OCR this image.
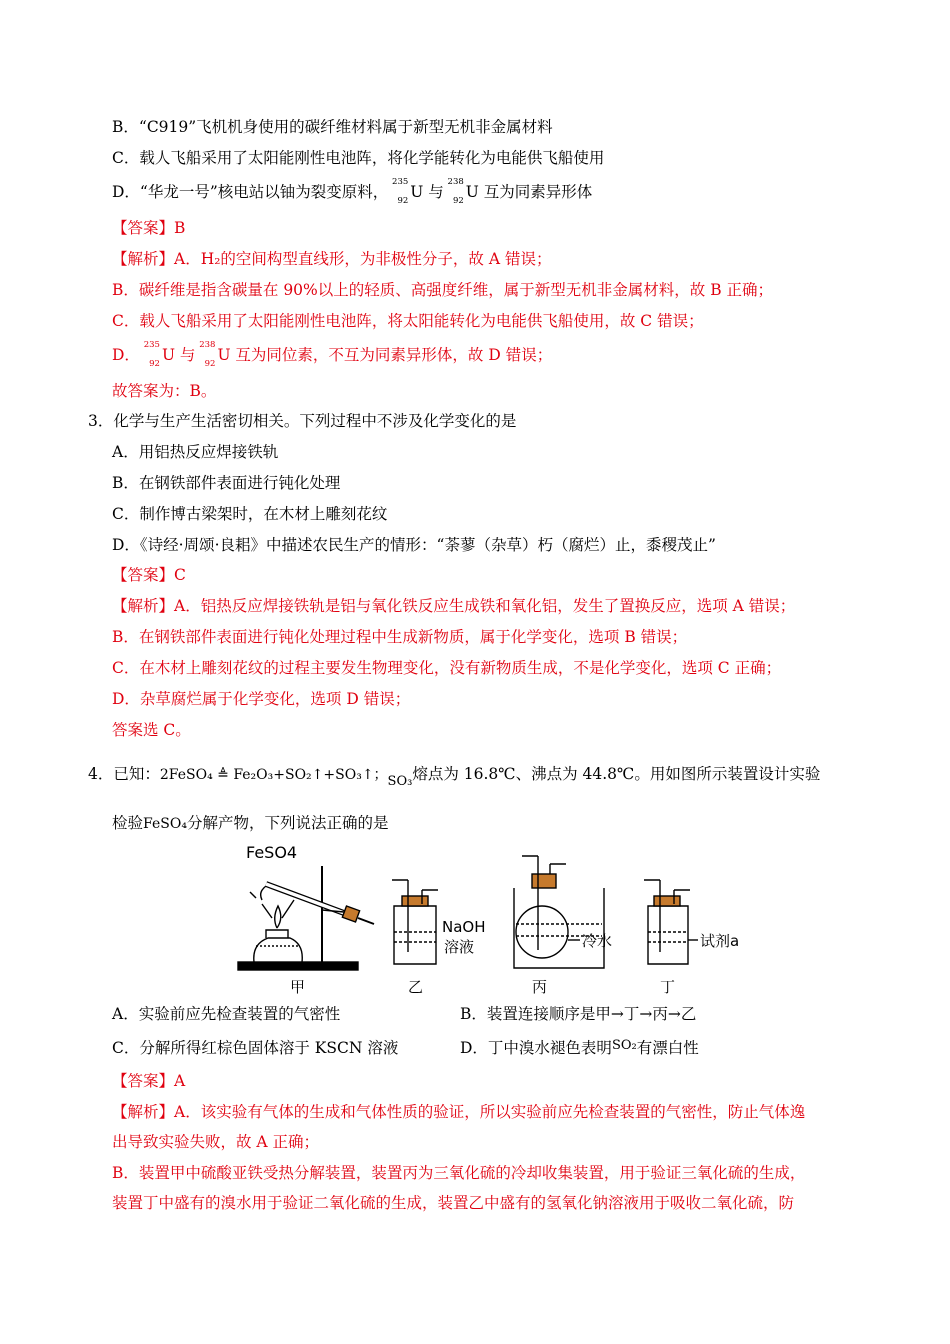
B．“C919”飞机机身使用的碳纤维材料属于新型无机非金属材料
C．载人飞船采用了太阳能刚性电池阵，将化学能转化为电能供飞船使用
D．“华龙一号”核电站以铀为裂变原料，
235
92 U 与
238
92 U 互为同素异形体
【答案】B
【解析】A．H₂的空间构型直线形，为非极性分子，故 A 错误；
B．碳纤维是指含碳量在 90%以上的轻质、高强度纤维，属于新型无机非金属材料，故 B 正确；
C．载人飞船采用了太阳能刚性电池阵，将太阳能转化为电能供飞船使用，故 C 错误；
D．
235
92 U 与
238
92 U 互为同位素，不互为同素异形体，故 D 错误；
故答案为：B。
3．化学与生产生活密切相关。下列过程中不涉及化学变化的是
A．用铝热反应焊接铁轨
B．在钢铁部件表面进行钝化处理
C．制作博古梁架时，在木材上雕刻花纹
D．《诗经·周颂·良耜》中描述农民生产的情形：“荼蓼（杂草）朽（腐烂）止，黍稷茂止”
【答案】C
【解析】A．铝热反应焊接铁轨是铝与氧化铁反应生成铁和氧化铝，发生了置换反应，选项 A 错误；
B．在钢铁部件表面进行钝化处理过程中生成新物质，属于化学变化，选项 B 错误；
C．在木材上雕刻花纹的过程主要发生物理变化，没有新物质生成，不是化学变化，选项 C 正确；
D．杂草腐烂属于化学变化，选项 D 错误；
答案选 C。
4．已知：2FeSO₄ ≜ Fe₂O₃+SO₂↑+SO₃↑；$_{SO_3}$熔点为 16.8℃、沸点为 44.8℃。用如图所示装置设计实验
检验FeSO₄分解产物，下列说法正确的是
FeSO4
NaOH
溶液	冷水	试剂a
甲	乙	丙	丁
A．实验前应先检查装置的气密性	B．装置连接顺序是甲→丁→丙→乙
C．分解所得红棕色固体溶于 KSCN 溶液	D．丁中溴水褪色表明$^{SO_2}$有漂白性
【答案】A
【解析】A．该实验有气体的生成和气体性质的验证，所以实验前应先检查装置的气密性，防止气体逸
出导致实验失败，故 A 正确；
B．装置甲中硫酸亚铁受热分解装置，装置丙为三氧化硫的冷却收集装置，用于验证三氧化硫的生成，
装置丁中盛有的溴水用于验证二氧化硫的生成，装置乙中盛有的氢氧化钠溶液用于吸收二氧化硫，防
